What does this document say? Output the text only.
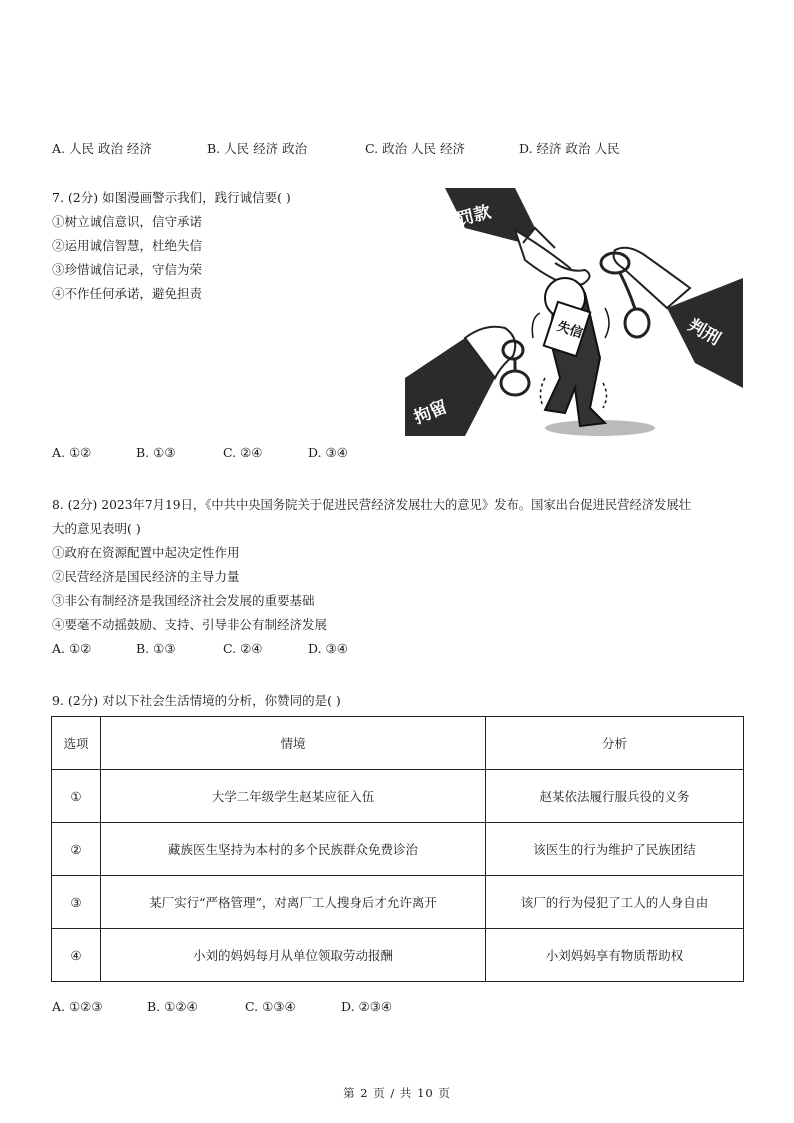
A. 人民 政治 经济	B. 人民 经济 政治	C. 政治 人民 经济	D. 经济 政治 人民
7. (2分) 如图漫画警示我们，践行诚信要( )
①树立诚信意识，信守承诺
②运用诚信智慧，杜绝失信
③珍惜诚信记录，守信为荣
④不作任何承诺，避免担责
罚款
判刑
拘留
失信
A. ①②	B. ①③	C. ②④	D. ③④
8. (2分) 2023年7月19日，《中共中央国务院关于促进民营经济发展壮大的意见》发布。国家出台促进民营经济发展壮
大的意见表明( )
①政府在资源配置中起决定性作用
②民营经济是国民经济的主导力量
③非公有制经济是我国经济社会发展的重要基础
④要毫不动摇鼓励、支持、引导非公有制经济发展
A. ①②	B. ①③	C. ②④	D. ③④
9. (2分) 对以下社会生活情境的分析，你赞同的是( )
选项	情境	分析
①	大学二年级学生赵某应征入伍	赵某依法履行服兵役的义务
②	藏族医生坚持为本村的多个民族群众免费诊治	该医生的行为维护了民族团结
③	某厂实行“严格管理”，对离厂工人搜身后才允许离开	该厂的行为侵犯了工人的人身自由
④	小刘的妈妈每月从单位领取劳动报酬	小刘妈妈享有物质帮助权
A. ①②③	B. ①②④	C. ①③④	D. ②③④
第 2 页 / 共 10 页
